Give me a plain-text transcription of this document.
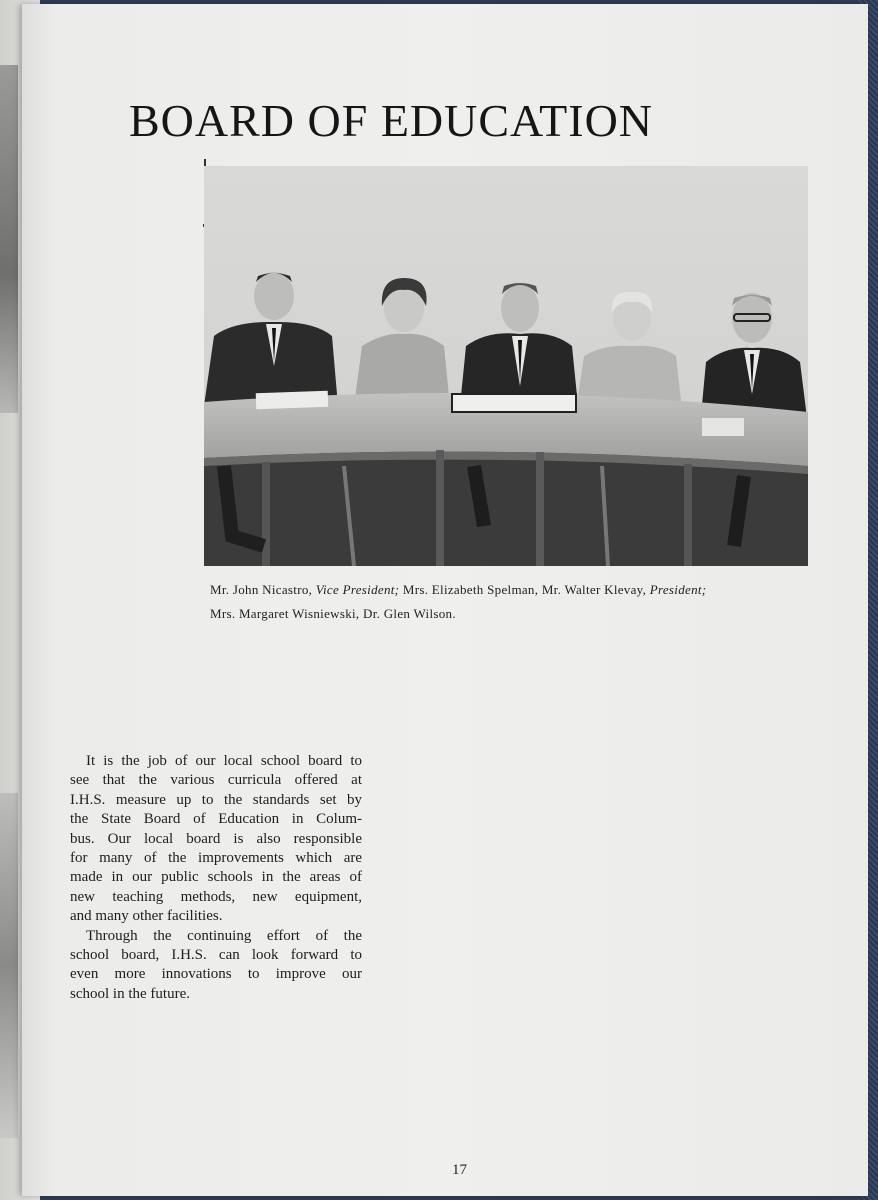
BOARD OF EDUCATION
Mr. John Nicastro, Vice President; Mrs. Elizabeth Spelman, Mr. Walter Klevay, President;
Mrs. Margaret Wisniewski, Dr. Glen Wilson.
It is the job of our local school board to
see that the various curricula offered at
I.H.S. measure up to the standards set by
the State Board of Education in Colum-
bus. Our local board is also responsible
for many of the improvements which are
made in our public schools in the areas of
new teaching methods, new equipment,
and many other facilities.
Through the continuing effort of the
school board, I.H.S. can look forward to
even more innovations to improve our
school in the future.
17
